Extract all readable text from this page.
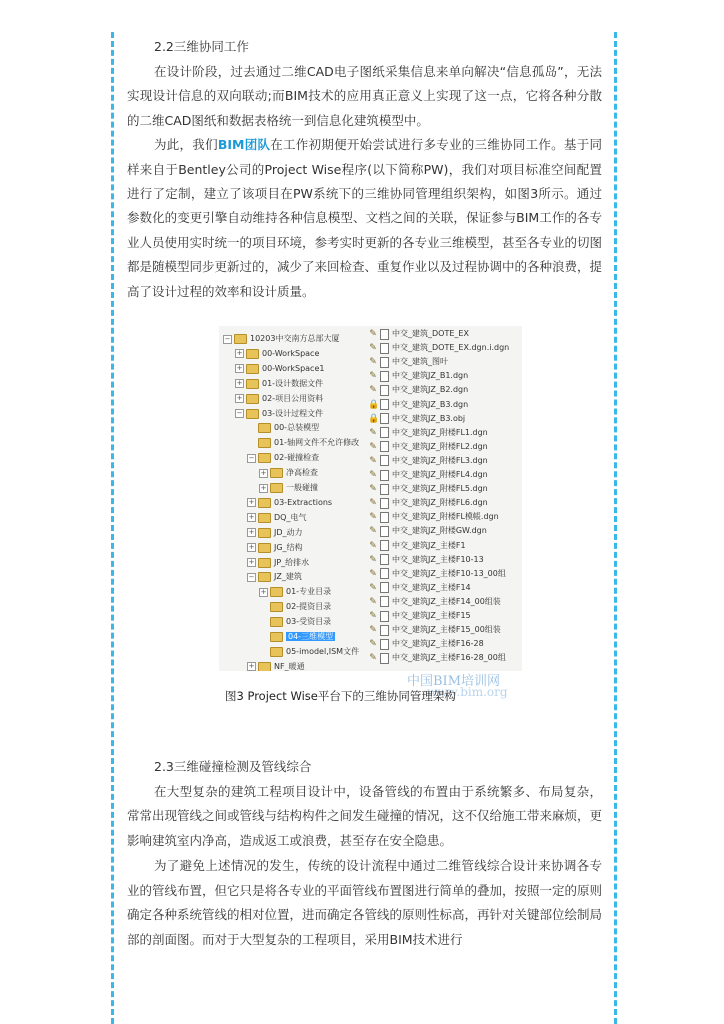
2.2三维协同工作

在设计阶段，过去通过二维CAD电子图纸采集信息来单向解决“信息孤岛”，无法实现设计信息的双向联动;而BIM技术的应用真正意义上实现了这一点，它将各种分散的二维CAD图纸和数据表格统一到信息化建筑模型中。

为此，我们BIM团队在工作初期便开始尝试进行多专业的三维协同工作。基于同样来自于Bentley公司的Project Wise程序(以下简称PW)，我们对项目标准空间配置进行了定制，建立了该项目在PW系统下的三维协同管理组织架构，如图3所示。通过参数化的变更引擎自动维持各种信息模型、文档之间的关联，保证参与BIM工作的各专业人员使用实时统一的项目环境，参考实时更新的各专业三维模型，甚至各专业的切图都是随模型同步更新过的，减少了来回检查、重复作业以及过程协调中的各种浪费，提高了设计过程的效率和设计质量。

− 10203中交南方总部大厦
+ 00-WorkSpace
+ 00-WorkSpace1
+ 01-设计数据文件
+ 02-项目公用资料
− 03-设计过程文件
00-总装模型
01-轴网文件不允许修改
− 02-碰撞检查
+ 净高检查
+ 一般碰撞
+ 03-Extractions
+ DQ_电气
+ JD_动力
+ JG_结构
+ JP_给排水
− JZ_建筑
+ 01-专业目录
02-提资目录
03-受资目录
04-三维模型
05-imodel,ISM文件
+ NF_暖通
✎ 中交_建筑_DOTE_EX
✎ 中交_建筑_DOTE_EX.dgn.i.dgn
✎ 中交_建筑_图叶
✎ 中交_建筑JZ_B1.dgn
✎ 中交_建筑JZ_B2.dgn
🔒 中交_建筑JZ_B3.dgn
🔒 中交_建筑JZ_B3.obj
✎ 中交_建筑JZ_附楼FL1.dgn
✎ 中交_建筑JZ_附楼FL2.dgn
✎ 中交_建筑JZ_附楼FL3.dgn
✎ 中交_建筑JZ_附楼FL4.dgn
✎ 中交_建筑JZ_附楼FL5.dgn
✎ 中交_建筑JZ_附楼FL6.dgn
✎ 中交_建筑JZ_附楼FL模帳.dgn
✎ 中交_建筑JZ_附楼GW.dgn
✎ 中交_建筑JZ_主楼F1
✎ 中交_建筑JZ_主楼F10-13
✎ 中交_建筑JZ_主楼F10-13_00组
✎ 中交_建筑JZ_主楼F14
✎ 中交_建筑JZ_主楼F14_00组装
✎ 中交_建筑JZ_主楼F15
✎ 中交_建筑JZ_主楼F15_00组装
✎ 中交_建筑JZ_主楼F16-28
✎ 中交_建筑JZ_主楼F16-28_00组
中国BIM培训网
www.bim.org
图3 Project Wise平台下的三维协同管理架构
2.3三维碰撞检测及管线综合

在大型复杂的建筑工程项目设计中，设备管线的布置由于系统繁多、布局复杂，常常出现管线之间或管线与结构构件之间发生碰撞的情况，这不仅给施工带来麻烦，更影响建筑室内净高，造成返工或浪费，甚至存在安全隐患。

为了避免上述情况的发生，传统的设计流程中通过二维管线综合设计来协调各专业的管线布置，但它只是将各专业的平面管线布置图进行简单的叠加，按照一定的原则确定各种系统管线的相对位置，进而确定各管线的原则性标高，再针对关键部位绘制局部的剖面图。而对于大型复杂的工程项目，采用BIM技术进行
